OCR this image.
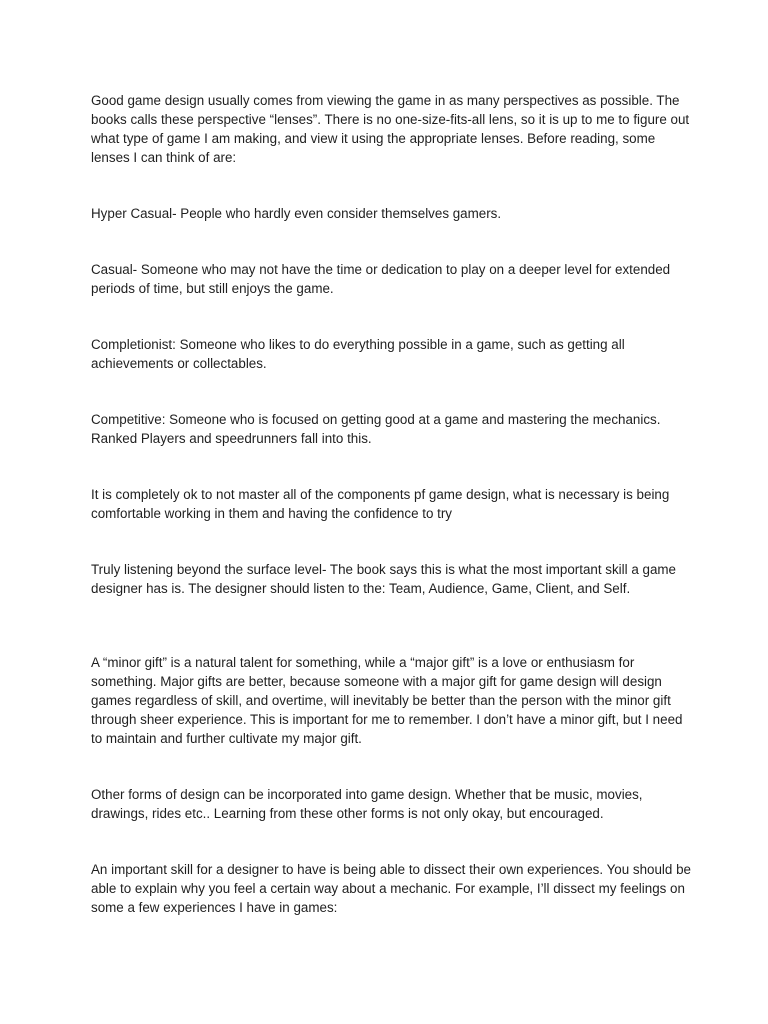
Good game design usually comes from viewing the game in as many perspectives as possible. The books calls these perspective “lenses”. There is no one-size-fits-all lens, so it is up to me to figure out what type of game I am making, and view it using the appropriate lenses. Before reading, some lenses I can think of are:

Hyper Casual- People who hardly even consider themselves gamers.

Casual- Someone who may not have the time or dedication to play on a deeper level for extended periods of time, but still enjoys the game.

Completionist: Someone who likes to do everything possible in a game, such as getting all achievements or collectables.

Competitive: Someone who is focused on getting good at a game and mastering the mechanics. Ranked Players and speedrunners fall into this.

It is completely ok to not master all of the components pf game design, what is necessary is being comfortable working in them and having the confidence to try

Truly listening beyond the surface level- The book says this is what the most important skill a game designer has is. The designer should listen to the: Team, Audience, Game, Client, and Self.

A “minor gift” is a natural talent for something, while a “major gift” is a love or enthusiasm for something. Major gifts are better, because someone with a major gift for game design will design games regardless of skill, and overtime, will inevitably be better than the person with the minor gift through sheer experience. This is important for me to remember. I don’t have a minor gift, but I need to maintain and further cultivate my major gift.

Other forms of design can be incorporated into game design. Whether that be music, movies, drawings, rides etc.. Learning from these other forms is not only okay, but encouraged.

An important skill for a designer to have is being able to dissect their own experiences. You should be able to explain why you feel a certain way about a mechanic. For example, I’ll dissect my feelings on some a few experiences I have in games:
